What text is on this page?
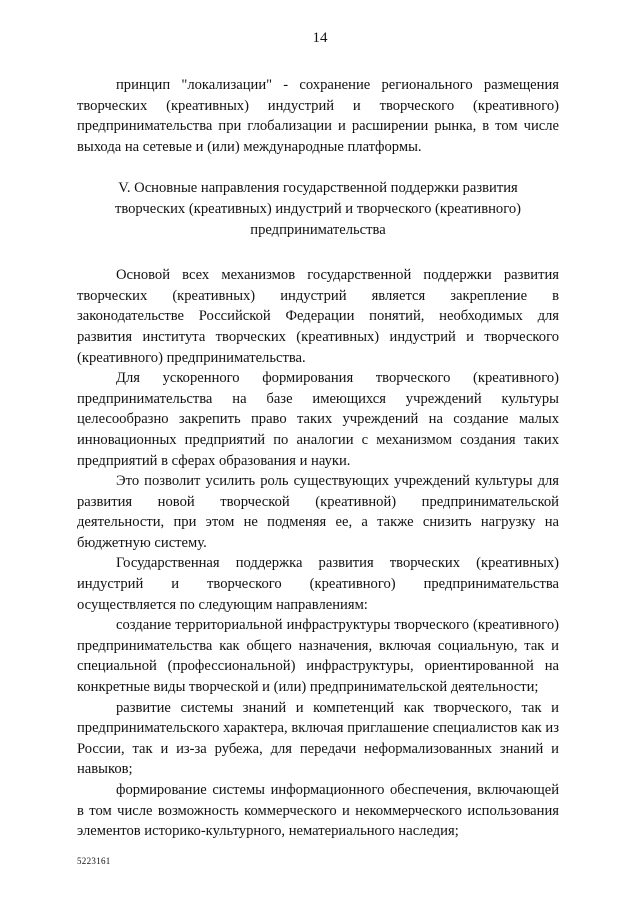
14

принцип "локализации" - сохранение регионального размещения творческих (креативных) индустрий и творческого (креативного) предпринимательства при глобализации и расширении рынка, в том числе выхода на сетевые и (или) международные платформы.

V. Основные направления государственной поддержки развития творческих (креативных) индустрий и творческого (креативного) предпринимательства

Основой всех механизмов государственной поддержки развития творческих (креативных) индустрий является закрепление в законодательстве Российской Федерации понятий, необходимых для развития института творческих (креативных) индустрий и творческого (креативного) предпринимательства.

Для ускоренного формирования творческого (креативного) предпринимательства на базе имеющихся учреждений культуры целесообразно закрепить право таких учреждений на создание малых инновационных предприятий по аналогии с механизмом создания таких предприятий в сферах образования и науки.

Это позволит усилить роль существующих учреждений культуры для развития новой творческой (креативной) предпринимательской деятельности, при этом не подменяя ее, а также снизить нагрузку на бюджетную систему.

Государственная поддержка развития творческих (креативных) индустрий и творческого (креативного) предпринимательства осуществляется по следующим направлениям:

создание территориальной инфраструктуры творческого (креативного) предпринимательства как общего назначения, включая социальную, так и специальной (профессиональной) инфраструктуры, ориентированной на конкретные виды творческой и (или) предпринимательской деятельности;

развитие системы знаний и компетенций как творческого, так и предпринимательского характера, включая приглашение специалистов как из России, так и из-за рубежа, для передачи неформализованных знаний и навыков;

формирование системы информационного обеспечения, включающей в том числе возможность коммерческого и некоммерческого использования элементов историко-культурного, нематериального наследия;

5223161
